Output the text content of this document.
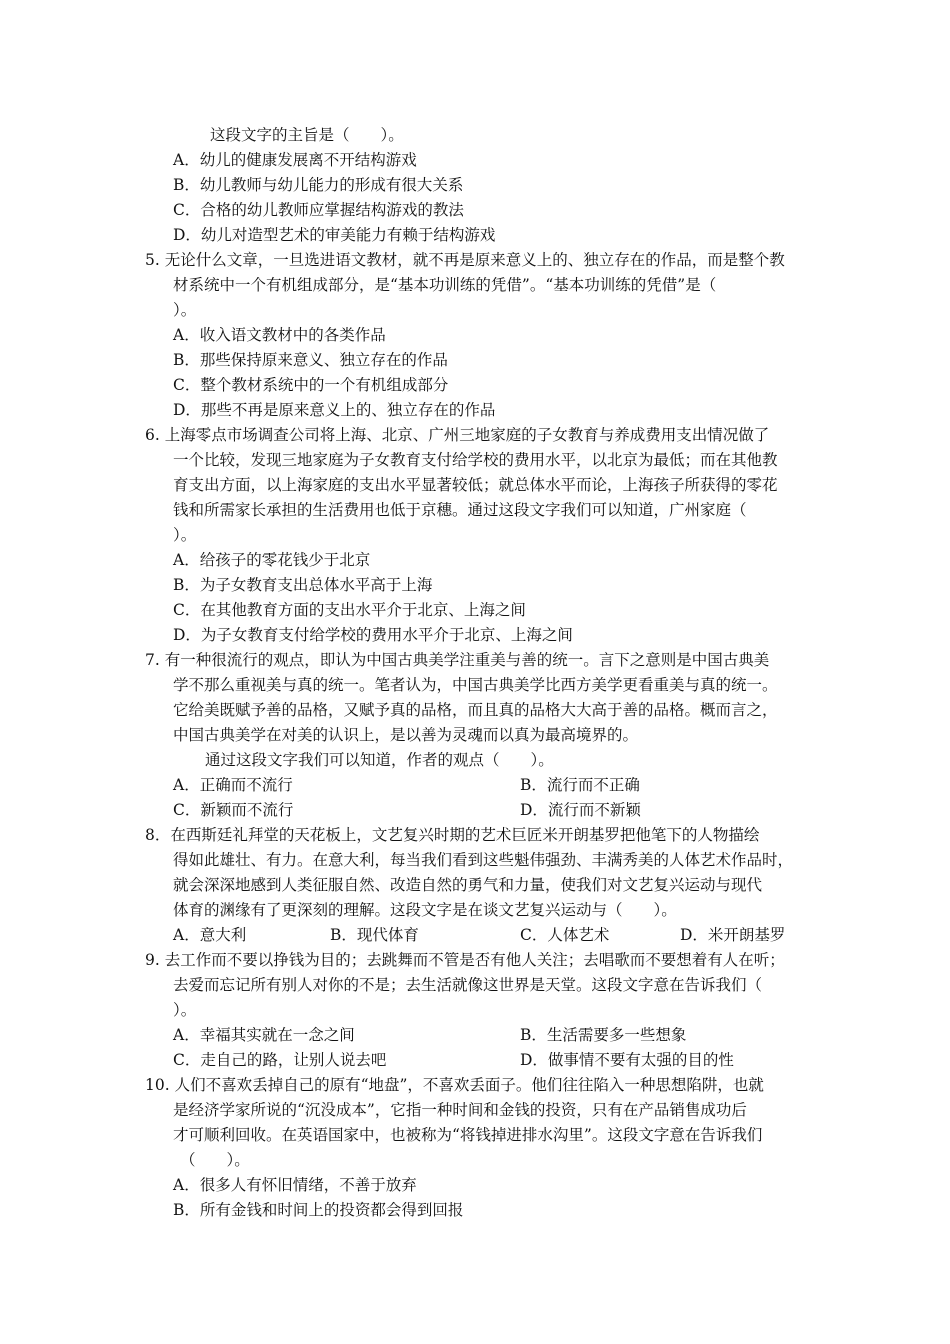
这段文字的主旨是（　　）。
A．幼儿的健康发展离不开结构游戏
B．幼儿教师与幼儿能力的形成有很大关系
C．合格的幼儿教师应掌握结构游戏的教法
D．幼儿对造型艺术的审美能力有赖于结构游戏
5. 无论什么文章，一旦选进语文教材，就不再是原来意义上的、独立存在的作品，而是整个教
材系统中一个有机组成部分，是“基本功训练的凭借”。“基本功训练的凭借”是（
）。
A．收入语文教材中的各类作品
B．那些保持原来意义、独立存在的作品
C．整个教材系统中的一个有机组成部分
D．那些不再是原来意义上的、独立存在的作品
6. 上海零点市场调查公司将上海、北京、广州三地家庭的子女教育与养成费用支出情况做了
一个比较，发现三地家庭为子女教育支付给学校的费用水平，以北京为最低；而在其他教
育支出方面，以上海家庭的支出水平显著较低；就总体水平而论，上海孩子所获得的零花
钱和所需家长承担的生活费用也低于京穗。通过这段文字我们可以知道，广州家庭（
）。
A．给孩子的零花钱少于北京
B．为子女教育支出总体水平高于上海
C．在其他教育方面的支出水平介于北京、上海之间
D．为子女教育支付给学校的费用水平介于北京、上海之间
7. 有一种很流行的观点，即认为中国古典美学注重美与善的统一。言下之意则是中国古典美
学不那么重视美与真的统一。笔者认为，中国古典美学比西方美学更看重美与真的统一。
它给美既赋予善的品格，又赋予真的品格，而且真的品格大大高于善的品格。概而言之，
中国古典美学在对美的认识上，是以善为灵魂而以真为最高境界的。
通过这段文字我们可以知道，作者的观点（　　）。
A．正确而不流行	B．流行而不正确
C．新颖而不流行	D．流行而不新颖
8．在西斯廷礼拜堂的天花板上，文艺复兴时期的艺术巨匠米开朗基罗把他笔下的人物描绘
得如此雄壮、有力。在意大利，每当我们看到这些魁伟强劲、丰满秀美的人体艺术作品时，
就会深深地感到人类征服自然、改造自然的勇气和力量，使我们对文艺复兴运动与现代
体育的渊缘有了更深刻的理解。这段文字是在谈文艺复兴运动与（　　）。
A．意大利	B．现代体育	C．人体艺术	D．米开朗基罗
9. 去工作而不要以挣钱为目的；去跳舞而不管是否有他人关注；去唱歌而不要想着有人在听；
去爱而忘记所有别人对你的不是；去生活就像这世界是天堂。这段文字意在告诉我们（
）。
A．幸福其实就在一念之间	B．生活需要多一些想象
C．走自己的路，让别人说去吧	D．做事情不要有太强的目的性
10. 人们不喜欢丢掉自己的原有“地盘”，不喜欢丢面子。他们往往陷入一种思想陷阱，也就
是经济学家所说的“沉没成本”，它指一种时间和金钱的投资，只有在产品销售成功后
才可顺利回收。在英语国家中，也被称为“将钱掉进排水沟里”。这段文字意在告诉我们
（　　）。
A．很多人有怀旧情绪，不善于放弃
B．所有金钱和时间上的投资都会得到回报
